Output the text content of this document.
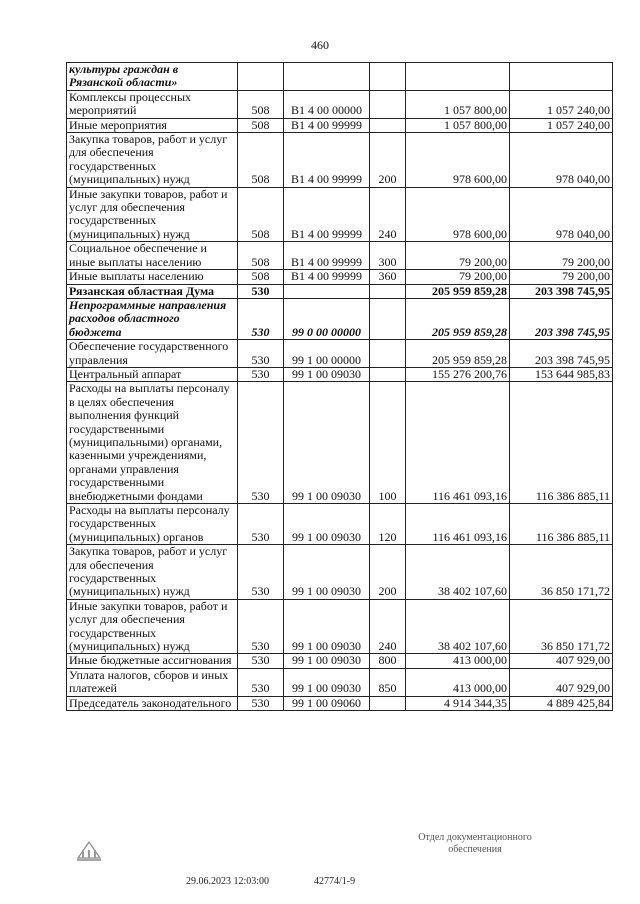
460
культуры граждан в Рязанской области»					
Комплексы процессных мероприятий	508	В1 4 00 00000		1 057 800,00	1 057 240,00
Иные мероприятия	508	В1 4 00 99999		1 057 800,00	1 057 240,00
Закупка товаров, работ и услуг для обеспечения государственных (муниципальных) нужд	508	В1 4 00 99999	200	978 600,00	978 040,00
Иные закупки товаров, работ и услуг для обеспечения государственных (муниципальных) нужд	508	В1 4 00 99999	240	978 600,00	978 040,00
Социальное обеспечение и иные выплаты населению	508	В1 4 00 99999	300	79 200,00	79 200,00
Иные выплаты населению	508	В1 4 00 99999	360	79 200,00	79 200,00
Рязанская областная Дума	530			205 959 859,28	203 398 745,95
Непрограммные направления расходов областного бюджета	530	99 0 00 00000		205 959 859,28	203 398 745,95
Обеспечение государственного управления	530	99 1 00 00000		205 959 859,28	203 398 745,95
Центральный аппарат	530	99 1 00 09030		155 276 200,76	153 644 985,83
Расходы на выплаты персоналу в целях обеспечения выполнения функций государственными (муниципальными) органами, казенными учреждениями, органами управления государственными внебюджетными фондами	530	99 1 00 09030	100	116 461 093,16	116 386 885,11
Расходы на выплаты персоналу государственных (муниципальных) органов	530	99 1 00 09030	120	116 461 093,16	116 386 885,11
Закупка товаров, работ и услуг для обеспечения государственных (муниципальных) нужд	530	99 1 00 09030	200	38 402 107,60	36 850 171,72
Иные закупки товаров, работ и услуг для обеспечения государственных (муниципальных) нужд	530	99 1 00 09030	240	38 402 107,60	36 850 171,72
Иные бюджетные ассигнования	530	99 1 00 09030	800	413 000,00	407 929,00
Уплата налогов, сборов и иных платежей	530	99 1 00 09030	850	413 000,00	407 929,00
Председатель законодательного	530	99 1 00 09060		4 914 344,35	4 889 425,84
29.06.2023 12:03:00	42774/1-9
Отдел документационного
обеспечения
